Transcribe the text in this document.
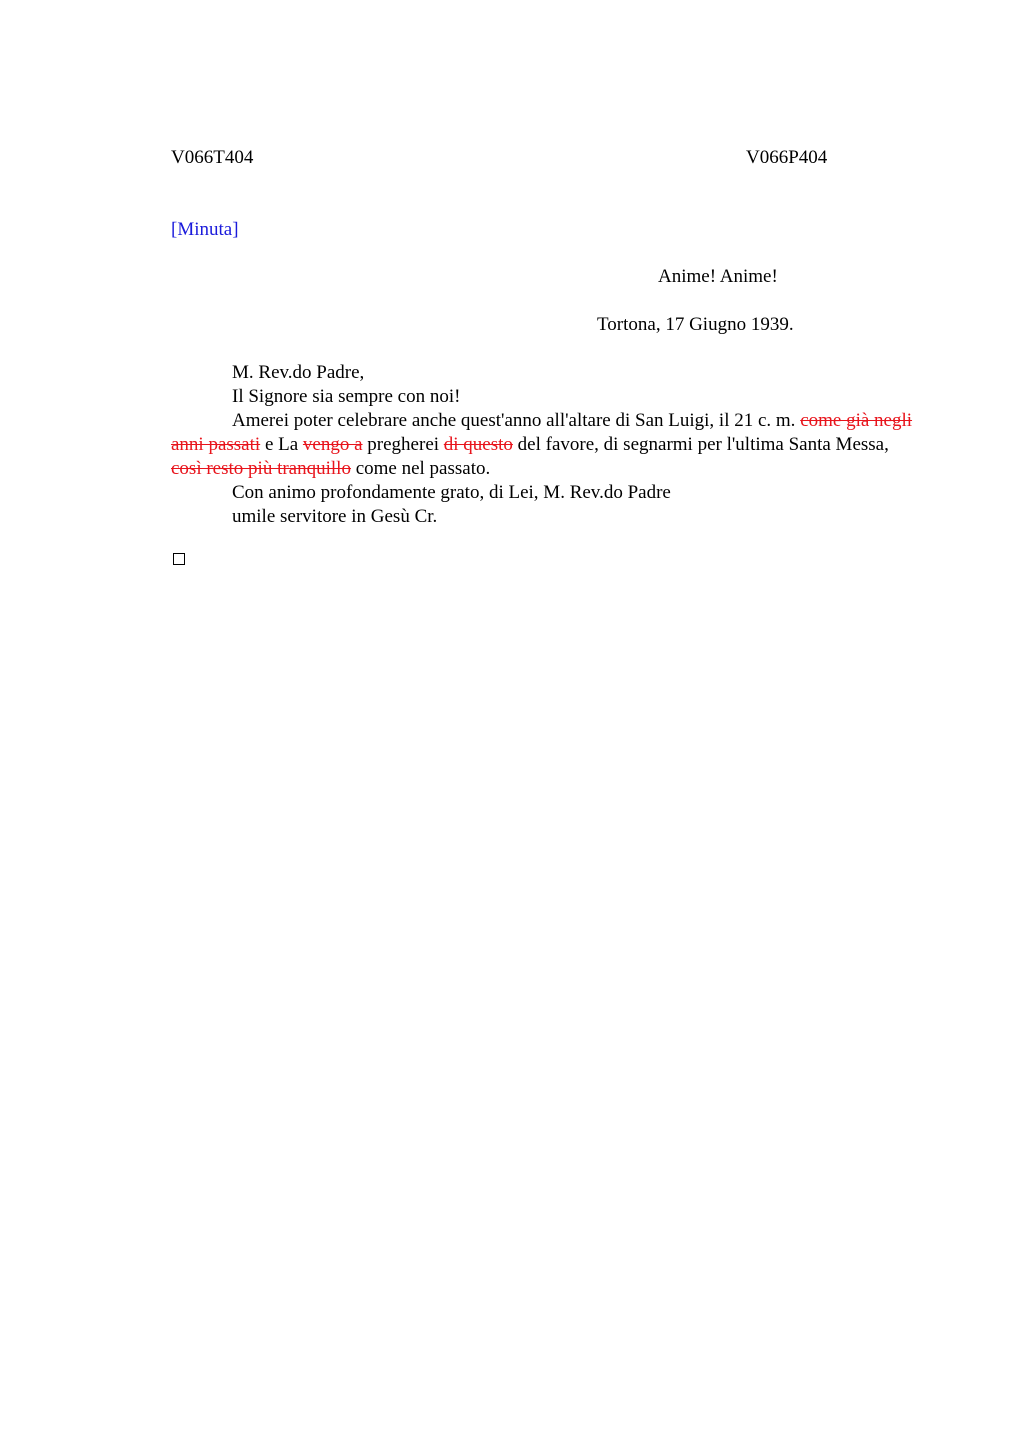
V066T404	V066P404
[Minuta]
Anime! Anime!
Tortona, 17 Giugno 1939.
M. Rev.do Padre,
Il Signore sia sempre con noi!
Amerei poter celebrare anche quest'anno all'altare di San Luigi, il 21 c. m. come già negli anni passati e La vengo a pregherei di questo del favore, di segnarmi per l'ultima Santa Messa, così resto più tranquillo come nel passato.
Con animo profondamente grato, di Lei, M. Rev.do Padre
umile servitore in Gesù Cr.
